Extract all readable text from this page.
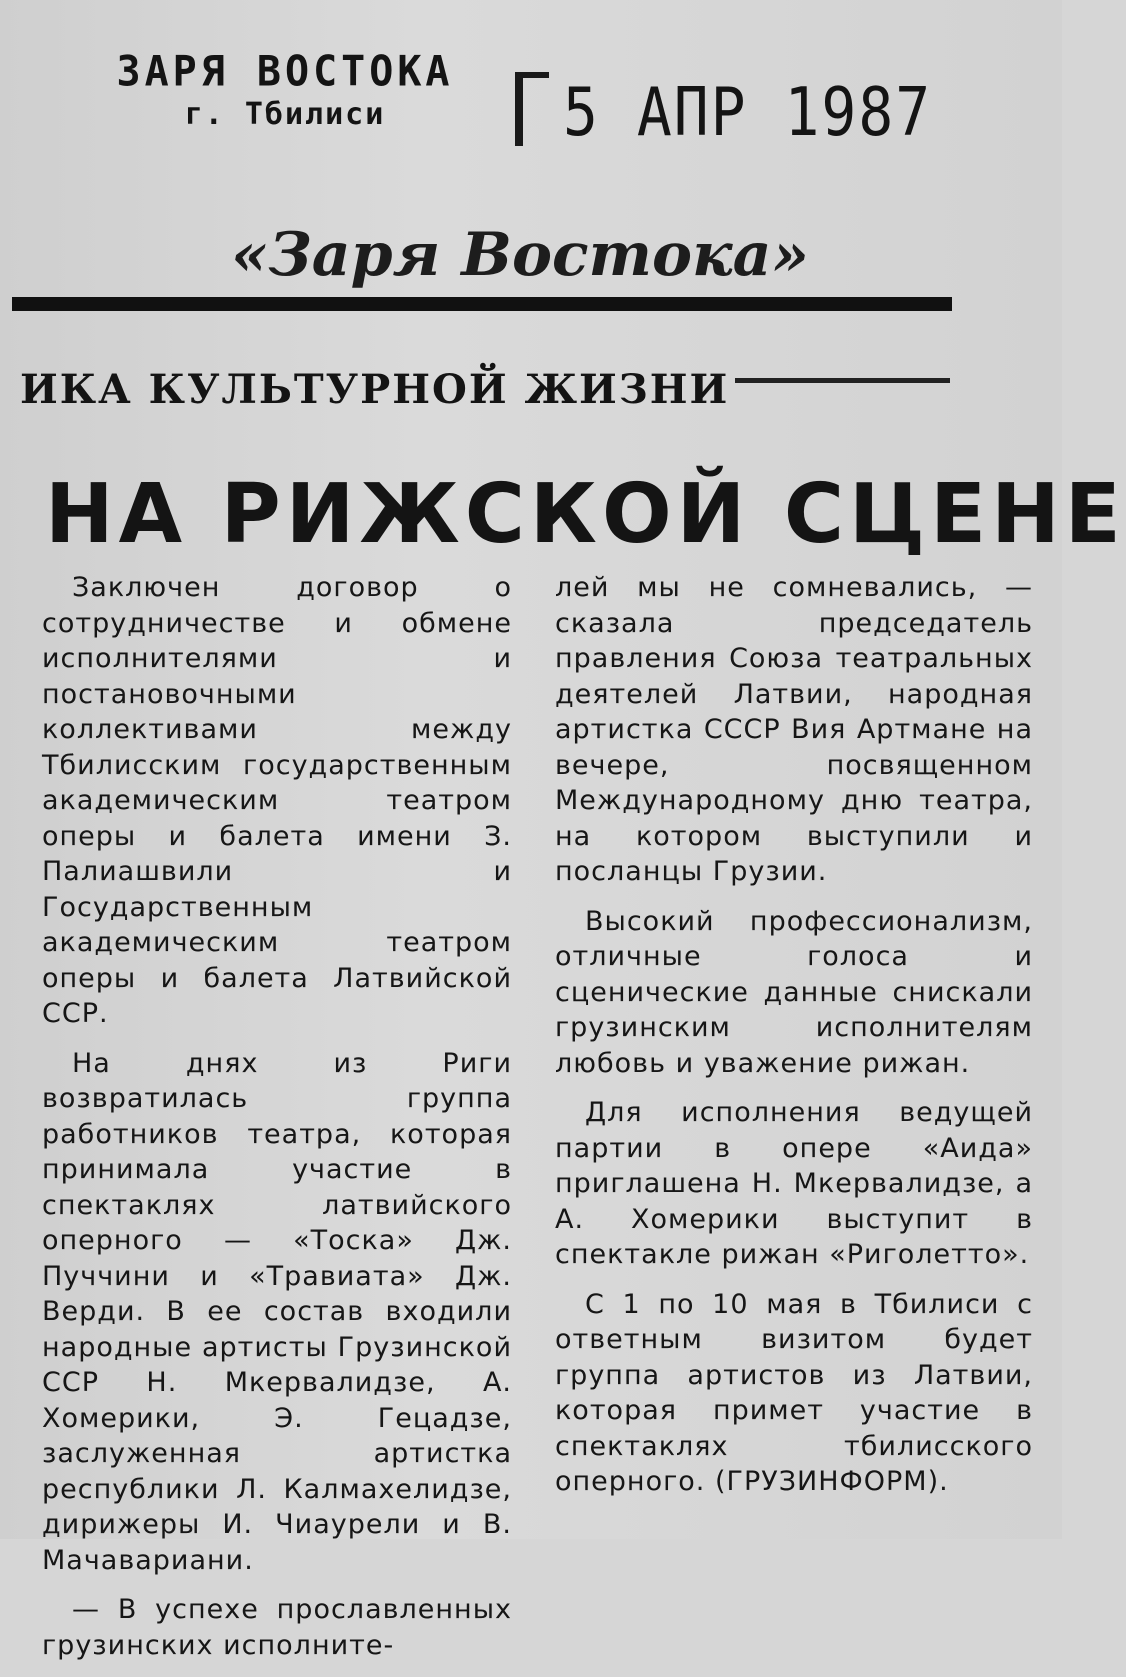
ЗАРЯ ВОСТОКА
г. Тбилиси	5 АПР 1987
«Заря Востока»
ИКА КУЛЬТУРНОЙ ЖИЗНИ
НА РИЖСКОЙ СЦЕНЕ

Заключен договор о сотрудничестве и обмене исполнителями и постановочными коллективами между Тбилисским государственным академическим театром оперы и балета имени З. Палиашвили и Государственным академическим театром оперы и балета Латвийской ССР.

На днях из Риги возвратилась группа работников театра, которая принимала участие в спектаклях латвийского оперного — «Тоска» Дж. Пуччини и «Травиата» Дж. Верди. В ее состав входили народные артисты Грузинской ССР Н. Мкервалидзе, А. Хомерики, Э. Гецадзе, заслуженная артистка республики Л. Калмахелидзе, дирижеры И. Чиаурели и В. Мачавариани.

— В успехе прославленных грузинских исполните-

лей мы не сомневались, — сказала председатель правления Союза театральных деятелей Латвии, народная артистка СССР Вия Артмане на вечере, посвященном Международному дню театра, на котором выступили и посланцы Грузии.

Высокий профессионализм, отличные голоса и сценические данные снискали грузинским исполнителям любовь и уважение рижан.

Для исполнения ведущей партии в опере «Аида» приглашена Н. Мкервалидзе, а А. Хомерики выступит в спектакле рижан «Риголетто».

С 1 по 10 мая в Тбилиси с ответным визитом будет группа артистов из Латвии, которая примет участие в спектаклях тбилисского оперного. (ГРУЗИНФОРМ).
